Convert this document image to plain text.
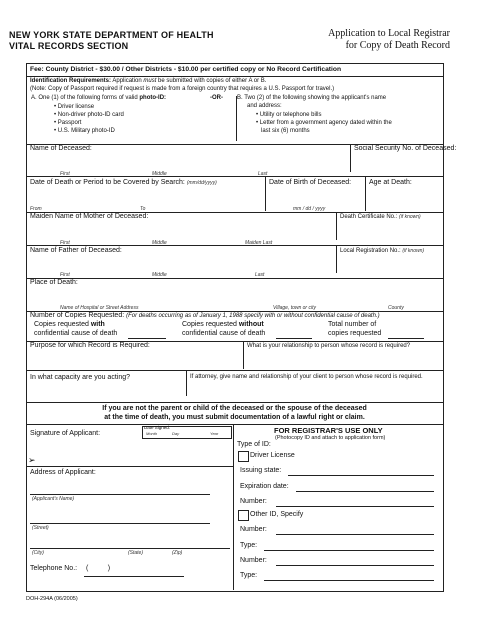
NEW YORK STATE DEPARTMENT OF HEALTH
VITAL RECORDS SECTION
Application to Local Registrar
for Copy of Death Record
Fee: County District - $30.00 / Other Districts - $10.00 per certified copy or No Record Certification
Identification Requirements: Application must be submitted with copies of either A or B.
(Note: Copy of Passport required if request is made from a foreign country that requires a U.S. Passport for travel.)
A. One (1) of the following forms of valid photo-ID:	-OR- B. Two (2) of the following showing the applicant's name
and address:
• Driver license
• Non-driver photo-ID card
• Passport
• U.S. Military photo-ID
• Utility or telephone bills
• Letter from a government agency dated within the
last six (6) months
Name of Deceased:	Social Security No. of Deceased:
First	Middle	Last
Date of Death or Period to be Covered by Search: (mm/dd/yyyy)	Date of Birth of Deceased:	Age at Death:
From	To	mm / dd / yyyy
Maiden Name of Mother of Deceased:	Death Certificate No.: (if known)
First	Middle	Maiden Last
Name of Father of Deceased:	Local Registration No.: (if known)
First	Middle	Last
Place of Death:
Name of Hospital or Street Address	Village, town or city	County
Number of Copies Requested: (For deaths occurring as of January 1, 1988 specify with or without confidential cause of death.)
Copies requested with
confidential cause of death
Copies requested without
confidential cause of death
Total number of
copies requested
Purpose for which Record is Required:	What is your relationship to person whose record is required?
In what capacity are you acting?	If attorney, give name and relationship of your client to person whose record is required.
If you are not the parent or child of the deceased or the spouse of the deceased
at the time of death, you must submit documentation of a lawful right or claim.
Signature of Applicant:
Date Signed:
Month	Day	Year
➢
Address of Applicant:
(Applicant's Name)
(Street)
(City)	(State)	(Zip)
Telephone No.: (          )
FOR REGISTRAR'S USE ONLY
(Photocopy ID and attach to application form)
Type of ID:
Driver License
Issuing state:
Expiration date:
Number:
Other ID, Specify
Number:
Type:
Number:
Type:
DOH-294A (06/2005)
